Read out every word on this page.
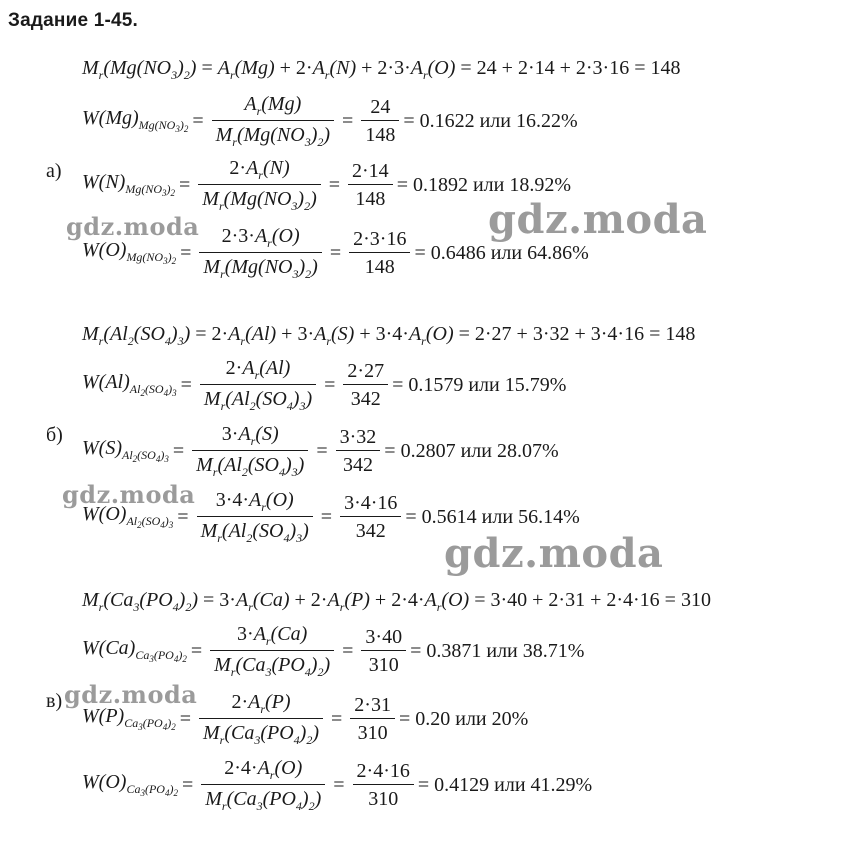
Задание 1-45.
а)
$M_r(Mg(NO_3)_2) = A_r(Mg) + 2\cdot A_r(N) + 2\cdot 3\cdot A_r(O) = 24 + 2\cdot 14 + 2\cdot 3\cdot 16 = 148$
$W(Mg)_{Mg(NO_3)_2} = \frac{A_r(Mg)}{M_r(Mg(NO_3)_2)} = \frac{24}{148} = 0.1622$ или 16.22%
$W(N)_{Mg(NO_3)_2} = \frac{2\cdot A_r(N)}{M_r(Mg(NO_3)_2)} = \frac{2\cdot 14}{148} = 0.1892$ или 18.92%
$W(O)_{Mg(NO_3)_2} = \frac{2\cdot 3\cdot A_r(O)}{M_r(Mg(NO_3)_2)} = \frac{2\cdot 3\cdot 16}{148} = 0.6486$ или 64.86%
б)
$M_r(Al_2(SO_4)_3) = 2\cdot A_r(Al) + 3\cdot A_r(S) + 3\cdot 4\cdot A_r(O) = 2\cdot 27 + 3\cdot 32 + 3\cdot 4\cdot 16 = 148$
$W(Al)_{Al_2(SO_4)_3} = \frac{2\cdot A_r(Al)}{M_r(Al_2(SO_4)_3)} = \frac{2\cdot 27}{342} = 0.1579$ или 15.79%
$W(S)_{Al_2(SO_4)_3} = \frac{3\cdot A_r(S)}{M_r(Al_2(SO_4)_3)} = \frac{3\cdot 32}{342} = 0.2807$ или 28.07%
$W(O)_{Al_2(SO_4)_3} = \frac{3\cdot 4\cdot A_r(O)}{M_r(Al_2(SO_4)_3)} = \frac{3\cdot 4\cdot 16}{342} = 0.5614$ или 56.14%
в)
$M_r(Ca_3(PO_4)_2) = 3\cdot A_r(Ca) + 2\cdot A_r(P) + 2\cdot 4\cdot A_r(O) = 3\cdot 40 + 2\cdot 31 + 2\cdot 4\cdot 16 = 310$
$W(Ca)_{Ca_3(PO_4)_2} = \frac{3\cdot A_r(Ca)}{M_r(Ca_3(PO_4)_2)} = \frac{3\cdot 40}{310} = 0.3871$ или 38.71%
$W(P)_{Ca_3(PO_4)_2} = \frac{2\cdot A_r(P)}{M_r(Ca_3(PO_4)_2)} = \frac{2\cdot 31}{310} = 0.20$ или 20%
$W(O)_{Ca_3(PO_4)_2} = \frac{2\cdot 4\cdot A_r(O)}{M_r(Ca_3(PO_4)_2)} = \frac{2\cdot 4\cdot 16}{310} = 0.4129$ или 41.29%
gdz.moda	gdz.moda
gdz.moda
gdz.moda
gdz.moda
